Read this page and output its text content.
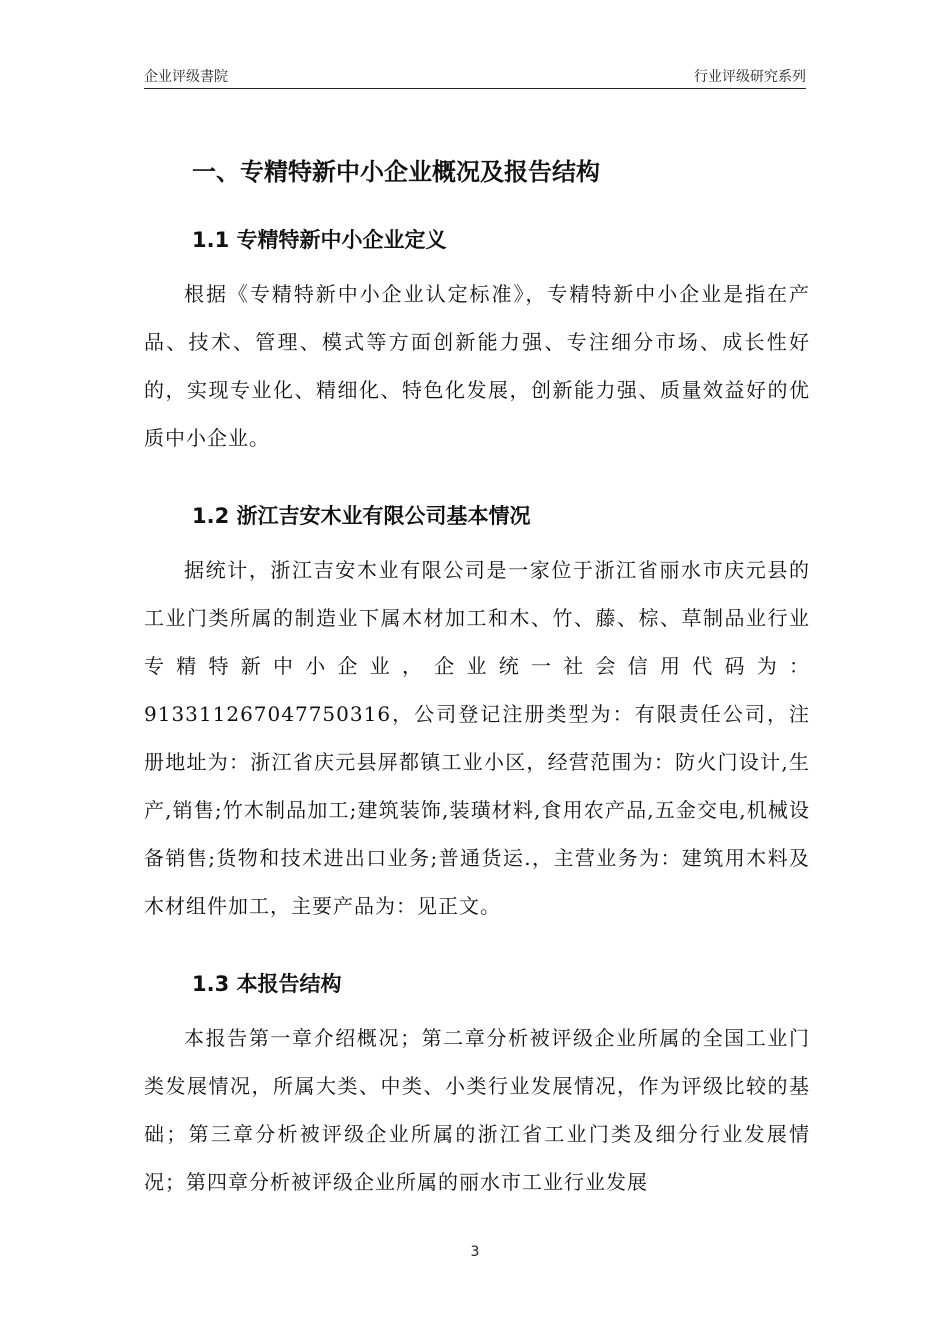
企业评级書院	行业评级研究系列
一、专精特新中小企业概况及报告结构
1.1 专精特新中小企业定义

根据《专精特新中小企业认定标准》，专精特新中小企业是指在产品、技术、管理、模式等方面创新能力强、专注细分市场、成长性好的，实现专业化、精细化、特色化发展，创新能力强、质量效益好的优质中小企业。

1.2 浙江吉安木业有限公司基本情况

据统计，浙江吉安木业有限公司是一家位于浙江省丽水市庆元县的工业门类所属的制造业下属木材加工和木、竹、藤、棕、草制品业行业专精特新中小企业，企业统一社会信用代码为：913311267047750316，公司登记注册类型为：有限责任公司，注册地址为：浙江省庆元县屏都镇工业小区，经营范围为：防火门设计,生产,销售;竹木制品加工;建筑装饰,装璜材料,食用农产品,五金交电,机械设备销售;货物和技术进出口业务;普通货运.，主营业务为：建筑用木料及木材组件加工，主要产品为：见正文。

1.3 本报告结构

本报告第一章介绍概况；第二章分析被评级企业所属的全国工业门类发展情况，所属大类、中类、小类行业发展情况，作为评级比较的基础；第三章分析被评级企业所属的浙江省工业门类及细分行业发展情况；第四章分析被评级企业所属的丽水市工业行业发展

3
